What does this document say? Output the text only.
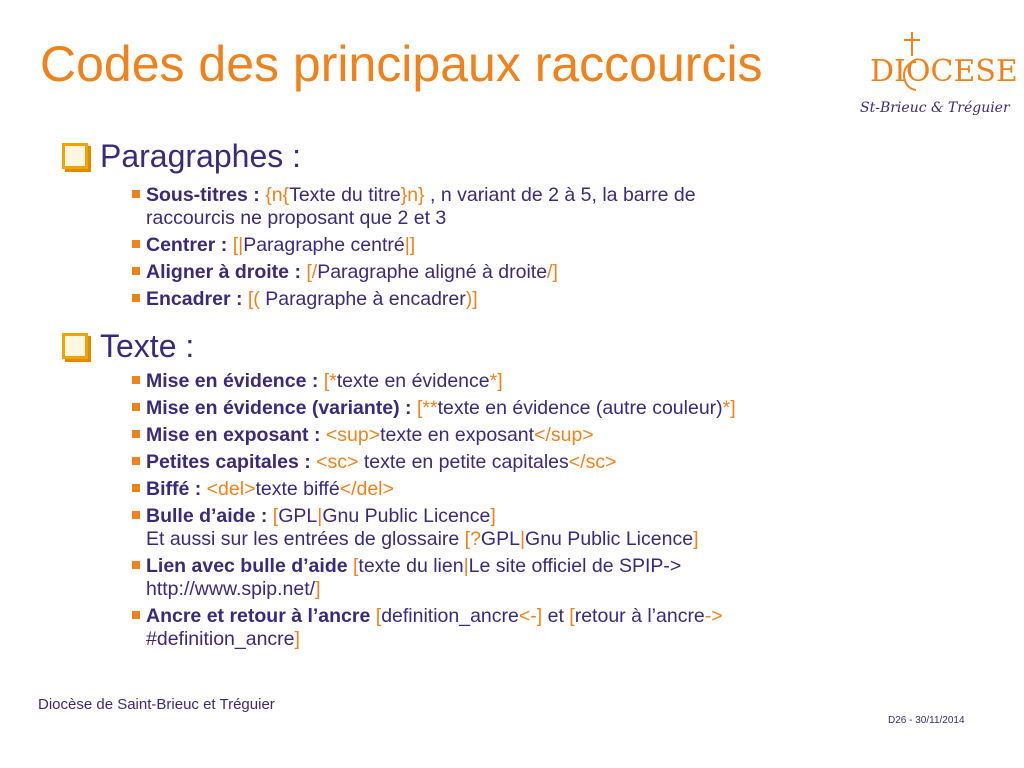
Codes des principaux raccourcis	DIOCESE
St-Brieuc & Tréguier
Paragraphes :
Sous-titres : {n{Texte du titre}n} , n variant de 2 à 5, la barre de
raccourcis ne proposant que 2 et 3
Centrer : [|Paragraphe centré|]
Aligner à droite : [/Paragraphe aligné à droite/]
Encadrer : [( Paragraphe à encadrer)]
Texte :
Mise en évidence : [*texte en évidence*]
Mise en évidence (variante) : [**texte en évidence (autre couleur)*]
Mise en exposant : <sup>texte en exposant</sup>
Petites capitales : <sc> texte en petite capitales</sc>
Biffé : <del>texte biffé</del>
Bulle d’aide : [GPL|Gnu Public Licence]
Et aussi sur les entrées de glossaire [?GPL|Gnu Public Licence]
Lien avec bulle d’aide [texte du lien|Le site officiel de SPIP->
http://www.spip.net/]
Ancre et retour à l’ancre [definition_ancre<-] et [retour à l’ancre->
#definition_ancre]
Diocèse de Saint-Brieuc et Tréguier
D26 - 30/11/2014
